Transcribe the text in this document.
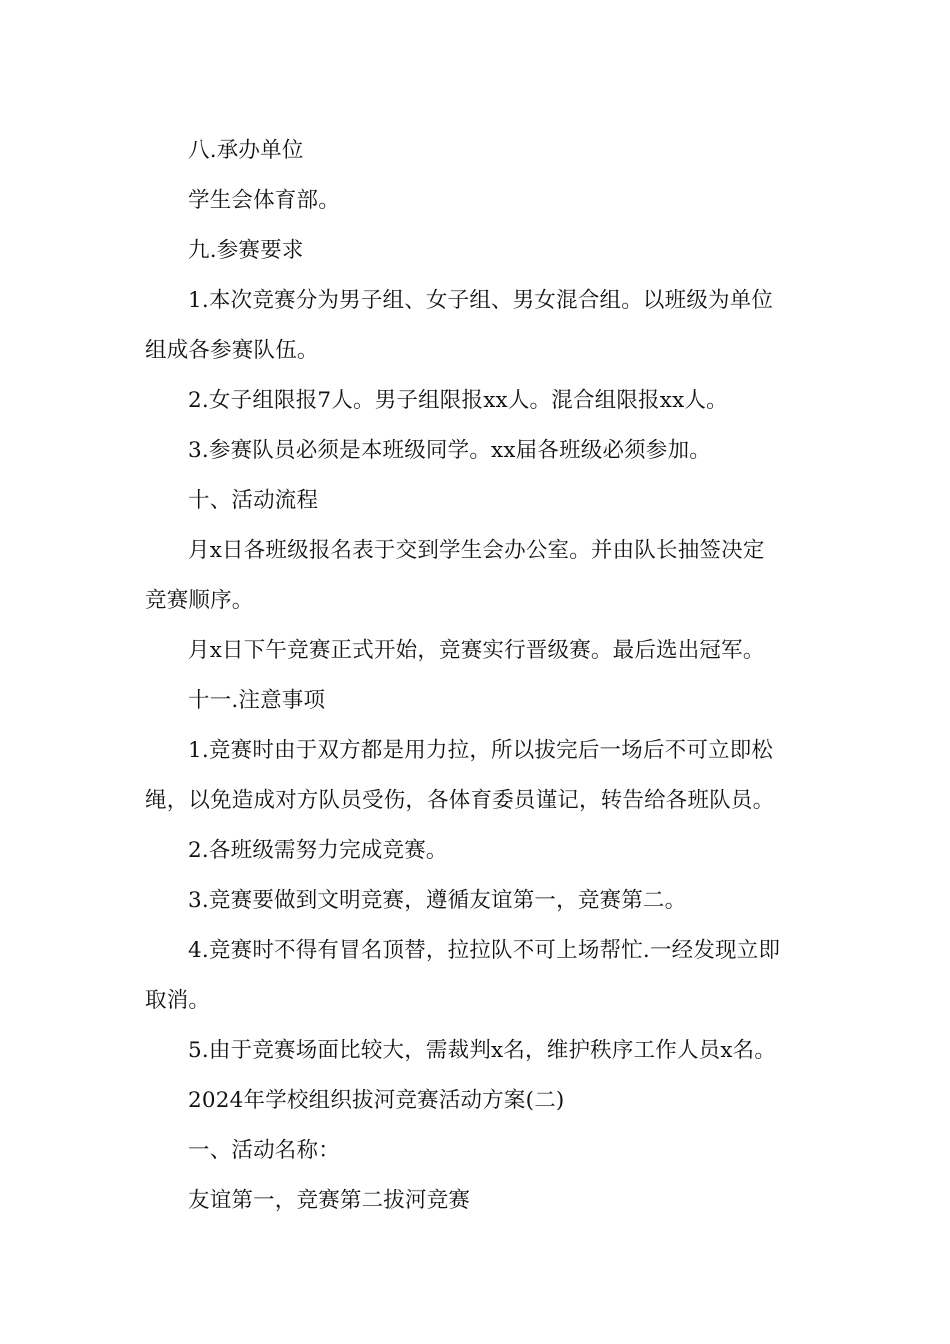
八.承办单位
学生会体育部。
九.参赛要求
1.本次竞赛分为男子组、女子组、男女混合组。以班级为单位
组成各参赛队伍。
2.女子组限报7人。男子组限报xx人。混合组限报xx人。
3.参赛队员必须是本班级同学。xx届各班级必须参加。
十、活动流程
月x日各班级报名表于交到学生会办公室。并由队长抽签决定
竞赛顺序。
月x日下午竞赛正式开始，竞赛实行晋级赛。最后选出冠军。
十一.注意事项
1.竞赛时由于双方都是用力拉，所以拔完后一场后不可立即松
绳，以免造成对方队员受伤，各体育委员谨记，转告给各班队员。
2.各班级需努力完成竞赛。
3.竞赛要做到文明竞赛，遵循友谊第一，竞赛第二。
4.竞赛时不得有冒名顶替，拉拉队不可上场帮忙.一经发现立即
取消。
5.由于竞赛场面比较大，需裁判x名，维护秩序工作人员x名。
2024年学校组织拔河竞赛活动方案(二)
一、活动名称：
友谊第一，竞赛第二拔河竞赛
